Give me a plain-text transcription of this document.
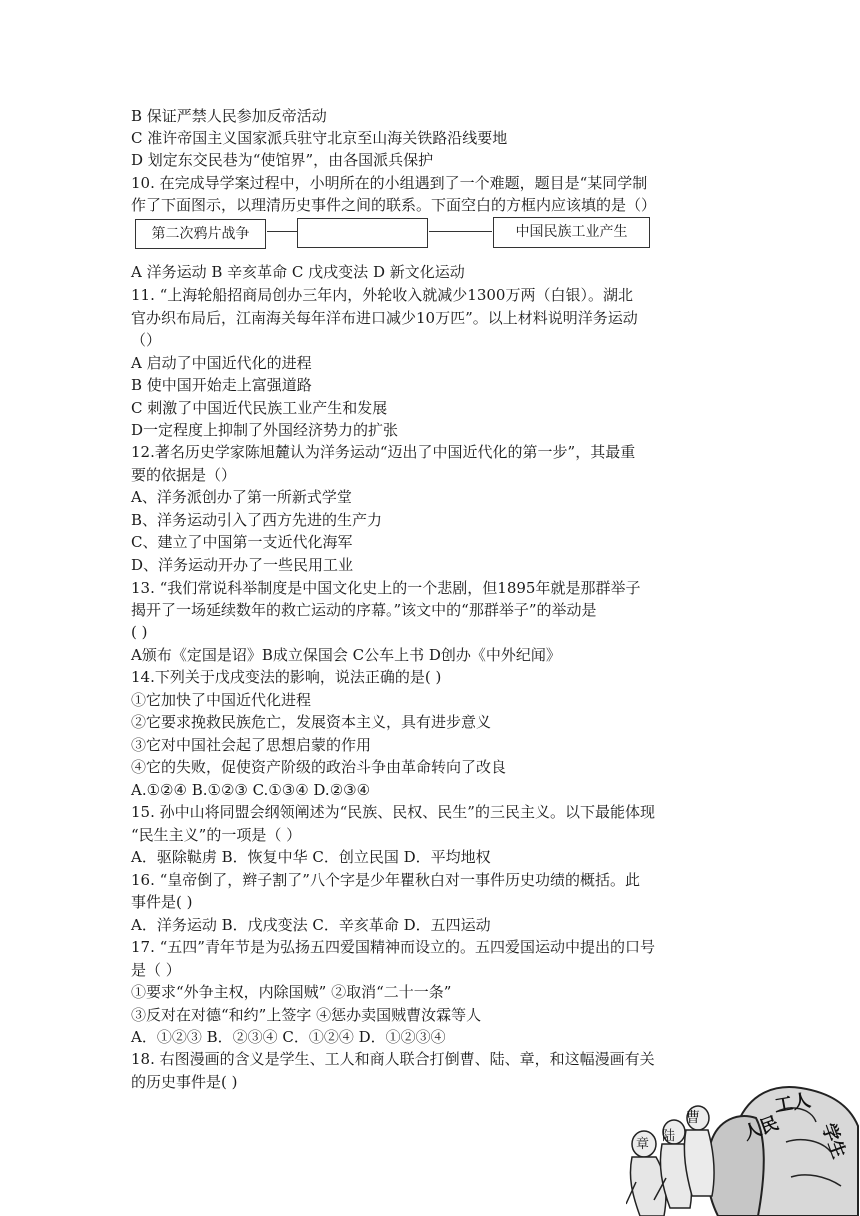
B 保证严禁人民参加反帝活动
C 准许帝国主义国家派兵驻守北京至山海关铁路沿线要地
D 划定东交民巷为“使馆界”，由各国派兵保护
10. 在完成导学案过程中，小明所在的小组遇到了一个难题，题目是“某同学制
作了下面图示，以理清历史事件之间的联系。下面空白的方框内应该填的是（）
第二次鸦片战争	中国民族工业产生
A 洋务运动 B 辛亥革命 C 戊戌变法 D 新文化运动
11. “上海轮船招商局创办三年内，外轮收入就减少1300万两（白银）。湖北
官办织布局后，江南海关每年洋布进口减少10万匹”。以上材料说明洋务运动
（）
A 启动了中国近代化的进程
B 使中国开始走上富强道路
C 刺激了中国近代民族工业产生和发展
D一定程度上抑制了外国经济势力的扩张
12.著名历史学家陈旭麓认为洋务运动“迈出了中国近代化的第一步”，其最重
要的依据是（）
A、洋务派创办了第一所新式学堂
B、洋务运动引入了西方先进的生产力
C、建立了中国第一支近代化海军
D、洋务运动开办了一些民用工业
13. “我们常说科举制度是中国文化史上的一个悲剧，但1895年就是那群举子
揭开了一场延续数年的救亡运动的序幕。”该文中的“那群举子”的举动是
( )
A颁布《定国是诏》B成立保国会 C公车上书 D创办《中外纪闻》
14.下列关于戊戌变法的影响，说法正确的是( )
①它加快了中国近代化进程
②它要求挽救民族危亡，发展资本主义，具有进步意义
③它对中国社会起了思想启蒙的作用
④它的失败，促使资产阶级的政治斗争由革命转向了改良
A.①②④ B.①②③ C.①③④ D.②③④
15. 孙中山将同盟会纲领阐述为“民族、民权、民生”的三民主义。以下最能体现
“民生主义”的一项是（ ）
A．驱除鞑虏 B．恢复中华 C．创立民国 D．平均地权
16. “皇帝倒了，辫子割了”八个字是少年瞿秋白对一事件历史功绩的概括。此
事件是( )
A．洋务运动 B．戊戌变法 C．辛亥革命 D．五四运动
17. “五四”青年节是为弘扬五四爱国精神而设立的。五四爱国运动中提出的口号
是（ ）
①要求“外争主权，内除国贼” ②取消“二十一条”
③反对在对德“和约”上签字 ④惩办卖国贼曹汝霖等人
A．①②③ B．②③④ C．①②④ D．①②③④
18. 右图漫画的含义是学生、工人和商人联合打倒曹、陆、章，和这幅漫画有关
的历史事件是( )
人民
工人
学生
曹
陆
章
